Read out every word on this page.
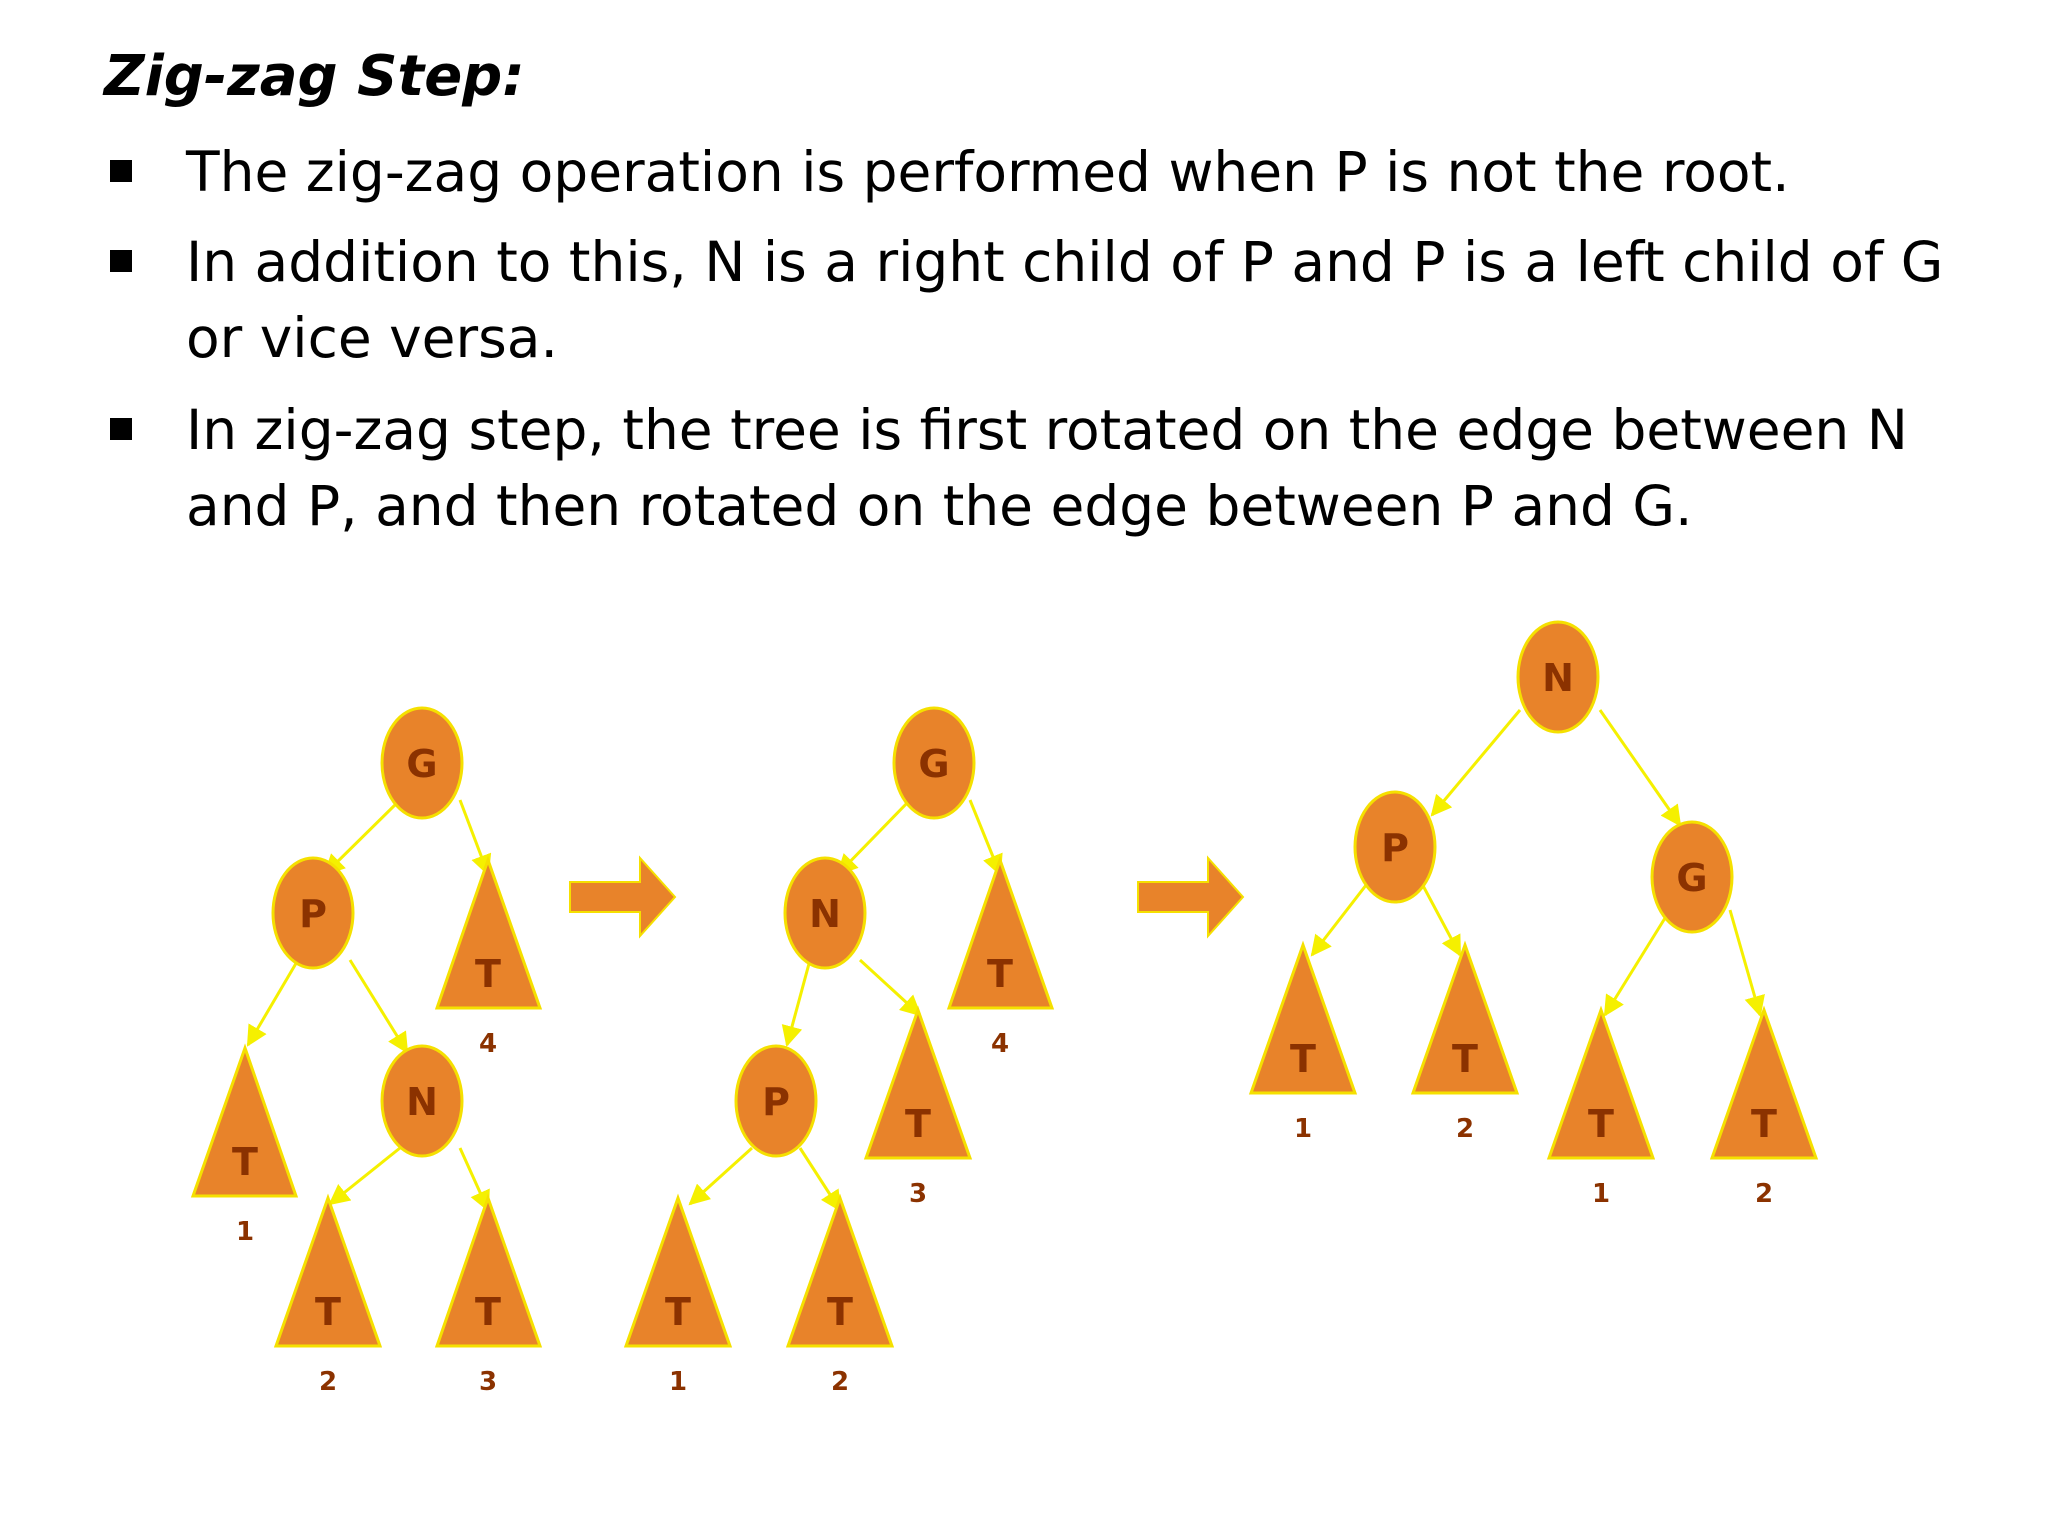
Zig-zag Step:
The zig-zag operation is performed when P is not the root.
In addition to this, N is a right child of P and P is a left child of G or vice versa.
In zig-zag step, the tree is first rotated on the edge between N and P, and then rotated on the edge between P and G.
G
P
N
T
4
T
1
T
2
T
3
G
N
P
T
4
T
3
T
1
T
2
N
P
G
T
1
T
2	T
1
T
2
